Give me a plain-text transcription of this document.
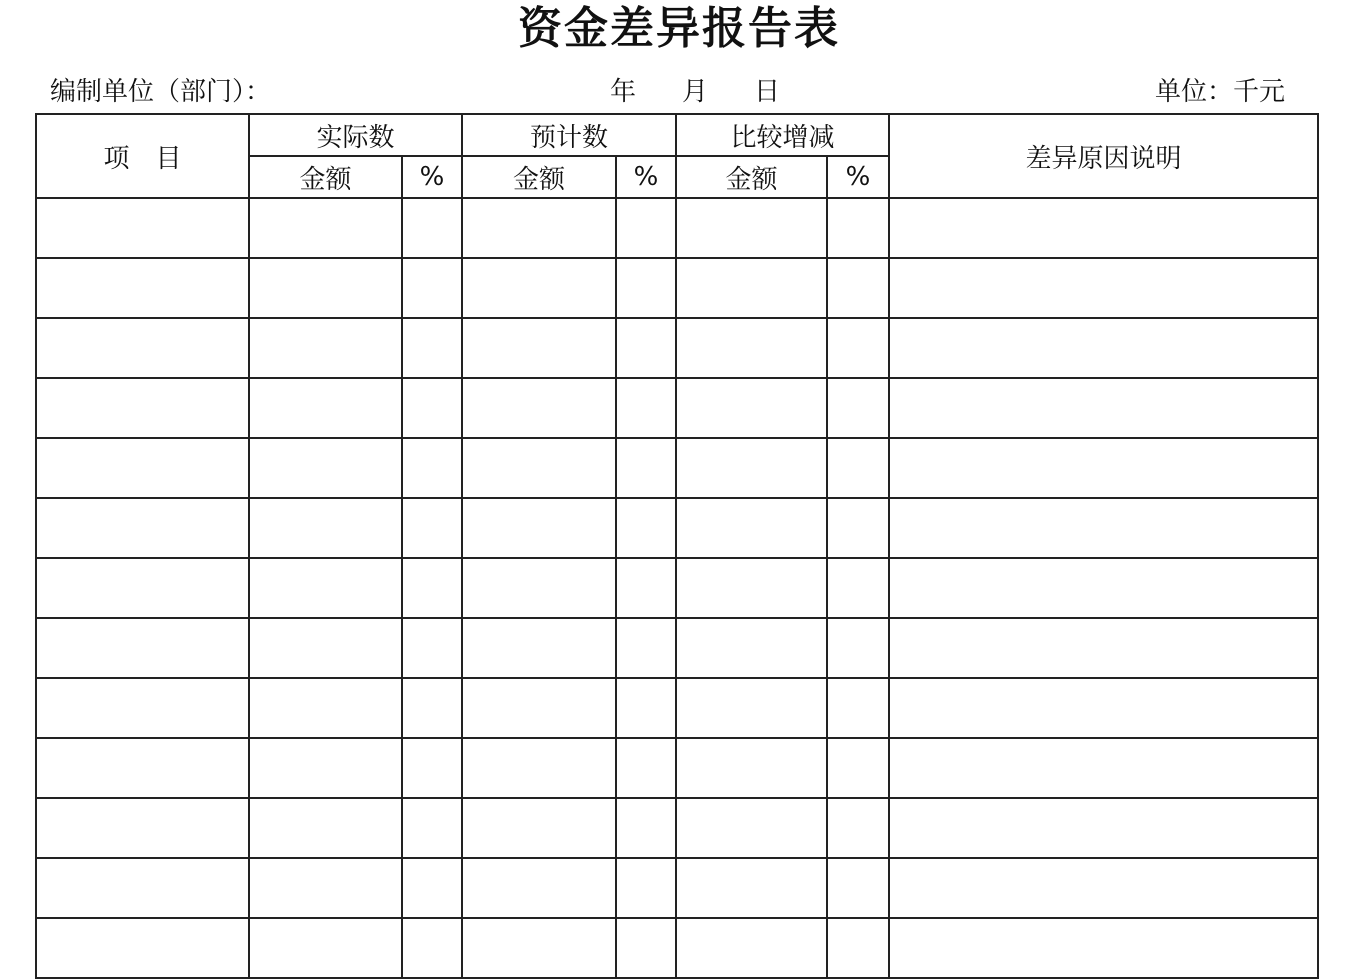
资金差异报告表
编制单位（部门）：	年 月 日	单位：千元
项　目	实际数		预计数		比较增减		差异原因说明
	金额	%	金额	%	金额	%	
